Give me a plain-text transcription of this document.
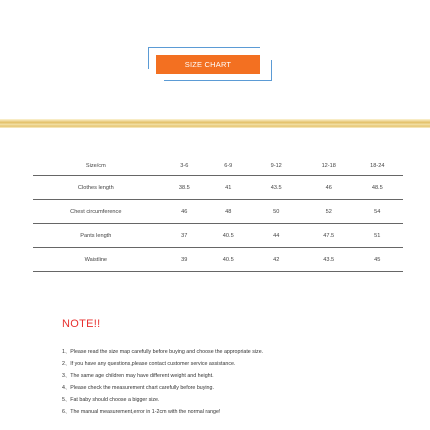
SIZE CHART
Size/cm	3-6	6-9	9-12	12-18	18-24
Clothes length	38.5	41	43.5	46	48.5
Chest circumference	46	48	50	52	54
Pants length	37	40.5	44	47.5	51
Waistline	39	40.5	42	43.5	45
NOTE!!
1、Please read the size map carefully before buying and choose the appropriate size.
2、If you have any questions,please contact customer service assistance.
3、The same age children may have different weight and height.
4、Please check the measurement chart carefully before buying.
5、Fat baby should choose a bigger size.
6、The manual measurement,error in 1-2cm with the normal range!
